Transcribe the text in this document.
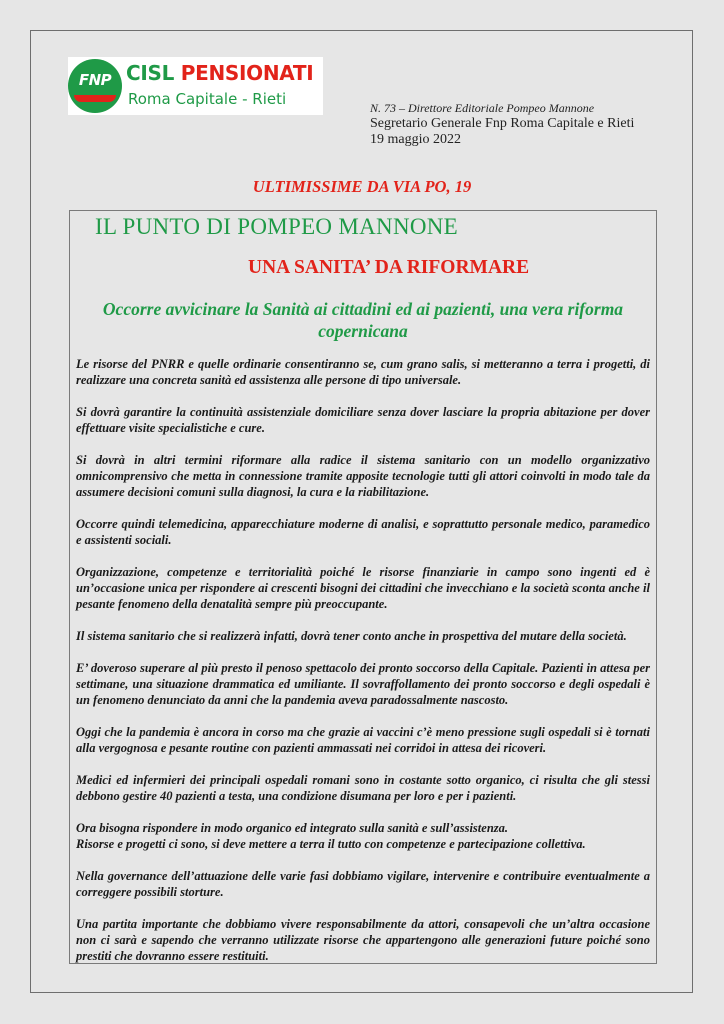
FNP CISL PENSIONATI
Roma Capitale - Rieti	N. 73 – Direttore Editoriale Pompeo Mannone
Segretario Generale Fnp Roma Capitale e Rieti
19 maggio 2022
ULTIMISSIME DA VIA PO, 19
IL PUNTO DI POMPEO MANNONE
UNA SANITA’ DA RIFORMARE
Occorre avvicinare la Sanità ai cittadini ed ai pazienti, una vera riforma copernicana

Le risorse del PNRR e quelle ordinarie consentiranno se, cum grano salis, si metteranno a terra i progetti, di realizzare una concreta sanità ed assistenza alle persone di tipo universale.

Si dovrà garantire la continuità assistenziale domiciliare senza dover lasciare la propria abitazione per dover effettuare visite specialistiche e cure.

Si dovrà in altri termini riformare alla radice il sistema sanitario con un modello organizzativo omnicomprensivo che metta in connessione tramite apposite tecnologie tutti gli attori coinvolti in modo tale da assumere decisioni comuni sulla diagnosi, la cura e la riabilitazione.

Occorre quindi telemedicina, apparecchiature moderne di analisi, e soprattutto personale medico, paramedico e assistenti sociali.

Organizzazione, competenze e territorialità poiché le risorse finanziarie in campo sono ingenti ed è un’occasione unica per rispondere ai crescenti bisogni dei cittadini che invecchiano e la società sconta anche il pesante fenomeno della denatalità sempre più preoccupante.

Il sistema sanitario che si realizzerà infatti, dovrà tener conto anche in prospettiva del mutare della società.

E’ doveroso superare al più presto il penoso spettacolo dei pronto soccorso della Capitale. Pazienti in attesa per settimane, una situazione drammatica ed umiliante. Il sovraffollamento dei pronto soccorso e degli ospedali è un fenomeno denunciato da anni che la pandemia aveva paradossalmente nascosto.

Oggi che la pandemia è ancora in corso ma che grazie ai vaccini c’è meno pressione sugli ospedali si è tornati alla vergognosa e pesante routine con pazienti ammassati nei corridoi in attesa dei ricoveri.

Medici ed infermieri dei principali ospedali romani sono in costante sotto organico, ci risulta che gli stessi debbono gestire 40 pazienti a testa, una condizione disumana per loro e per i pazienti.

Ora bisogna rispondere in modo organico ed integrato sulla sanità e sull’assistenza.

Risorse e progetti ci sono, si deve mettere a terra il tutto con competenze e partecipazione collettiva.

Nella governance dell’attuazione delle varie fasi dobbiamo vigilare, intervenire e contribuire eventualmente a correggere possibili storture.

Una partita importante che dobbiamo vivere responsabilmente da attori, consapevoli che un’altra occasione non ci sarà e sapendo che verranno utilizzate risorse che appartengono alle generazioni future poiché sono prestiti che dovranno essere restituiti.
